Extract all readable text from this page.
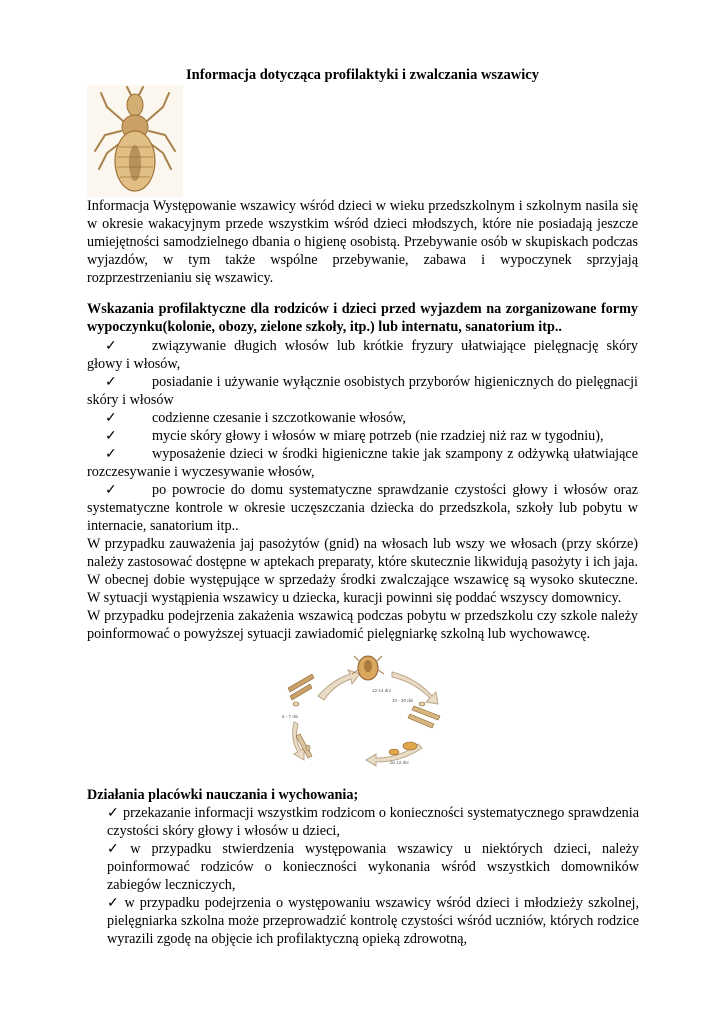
Informacja dotycząca profilaktyki i zwalczania wszawicy
Informacja Występowanie wszawicy wśród dzieci w wieku przedszkolnym i szkolnym nasila się w okresie wakacyjnym przede wszystkim wśród dzieci młodszych, które nie posiadają jeszcze umiejętności samodzielnego dbania o higienę osobistą. Przebywanie osób w skupiskach podczas wyjazdów, w tym także wspólne przebywanie, zabawa i wypoczynek sprzyjają rozprzestrzenianiu się wszawicy.
Wskazania profilaktyczne dla rodziców i dzieci przed wyjazdem na zorganizowane formy wypoczynku(kolonie, obozy, zielone szkoły, itp.) lub internatu, sanatorium itp..
✓	związywanie długich włosów lub krótkie fryzury ułatwiające pielęgnację skóry głowy i włosów,
✓	posiadanie i używanie wyłącznie osobistych przyborów higienicznych do pielęgnacji skóry i włosów
✓	codzienne czesanie i szczotkowanie włosów,
✓	mycie skóry głowy i włosów w miarę potrzeb (nie rzadziej niż raz w tygodniu),
✓	wyposażenie dzieci w środki higieniczne takie jak szampony z odżywką ułatwiające rozczesywanie i wyczesywanie włosów,
✓	po powrocie do domu systematyczne sprawdzanie czystości głowy i włosów oraz systematyczne kontrole w okresie uczęszczania dziecka do przedszkola, szkoły lub pobytu w internacie, sanatorium itp..
W przypadku zauważenia jaj pasożytów (gnid) na włosach lub wszy we włosach (przy skórze) należy zastosować dostępne w aptekach preparaty, które skutecznie likwidują pasożyty i ich jaja. W obecnej dobie występujące w sprzedaży środki zwalczające wszawicę są wysoko skuteczne. W sytuacji wystąpienia wszawicy u dziecka, kuracji powinni się poddać wszyscy domownicy.
W przypadku podejrzenia zakażenia wszawicą podczas pobytu w przedszkolu czy szkole należy poinformować o powyższej sytuacji zawiadomić pielęgniarkę szkolną lub wychowawcę.
12-14 dni
6 - 7 dni
10 - 20 dni
do 12 dni
Działania placówki nauczania i wychowania;
✓ przekazanie informacji wszystkim rodzicom o konieczności systematycznego sprawdzenia czystości skóry głowy i włosów u dzieci,
✓ w przypadku stwierdzenia występowania wszawicy u niektórych dzieci, należy poinformować rodziców o konieczności wykonania wśród wszystkich domowników zabiegów leczniczych,
✓ w przypadku podejrzenia o występowaniu wszawicy wśród dzieci i młodzieży szkolnej, pielęgniarka szkolna może przeprowadzić kontrolę czystości wśród uczniów, których rodzice wyrazili zgodę na objęcie ich profilaktyczną opieką zdrowotną,
